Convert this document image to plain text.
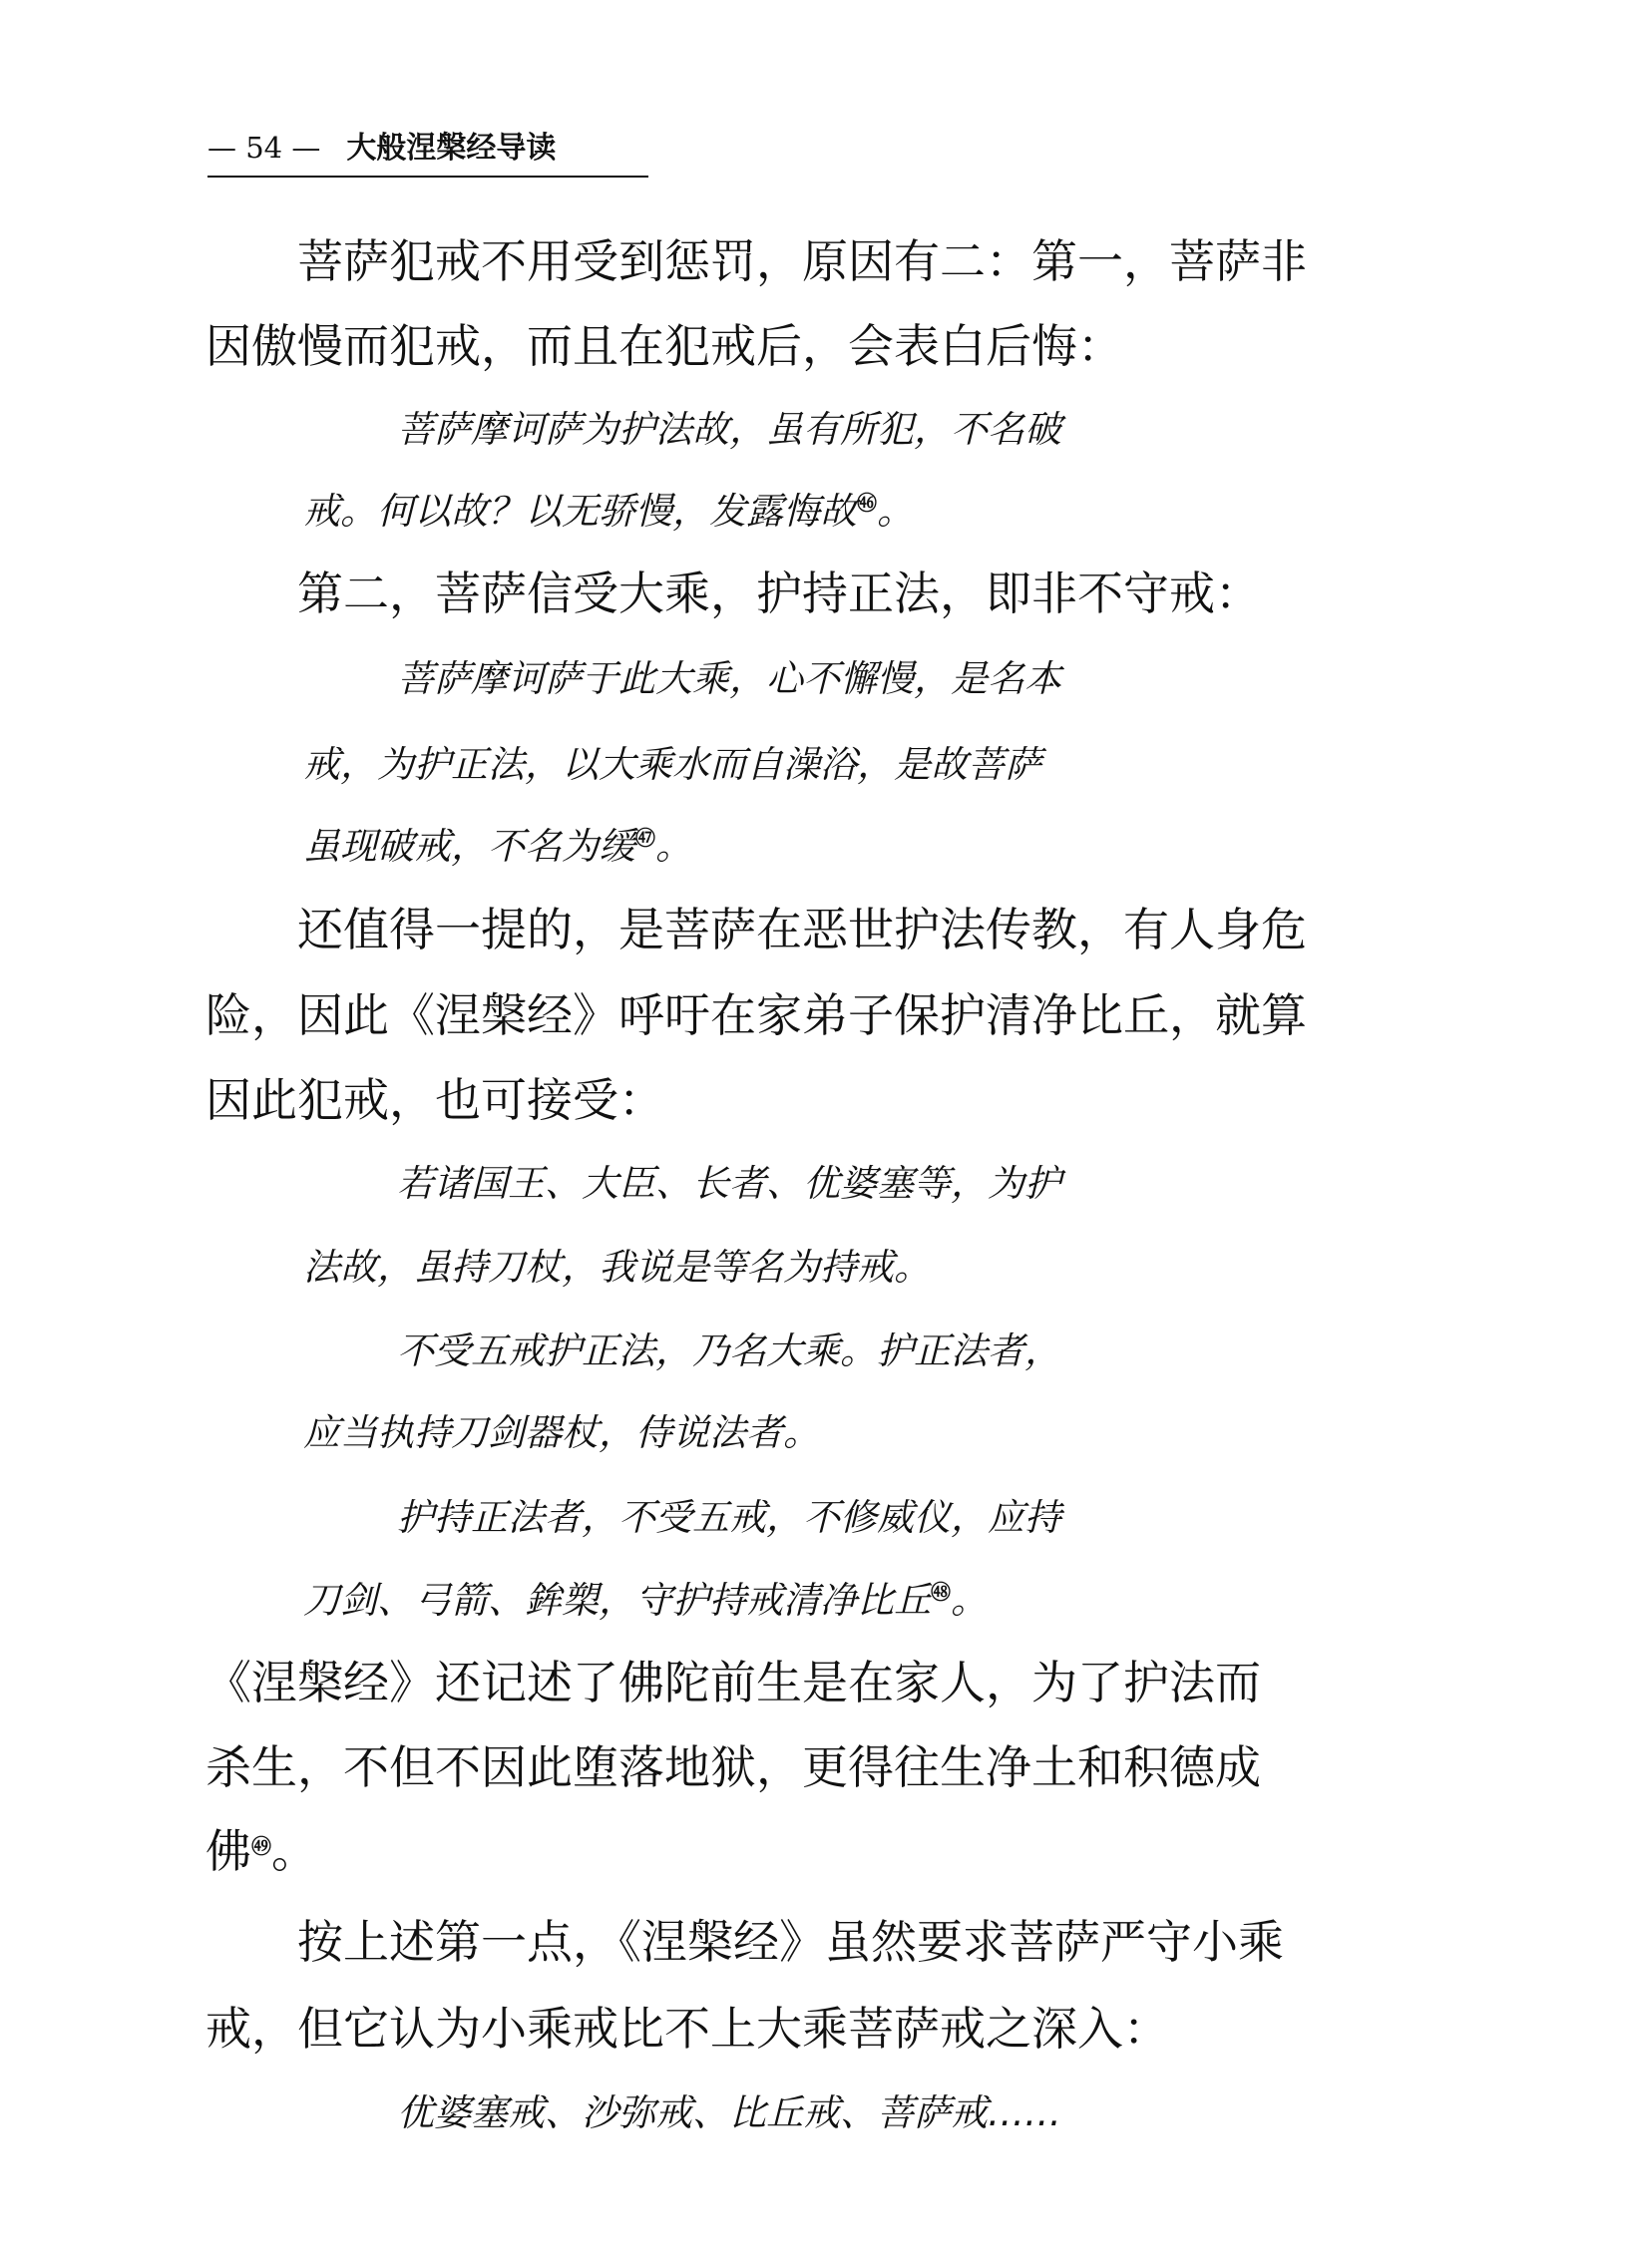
— 54 — 大般涅槃经导读
菩萨犯戒不用受到惩罚，原因有二：第一，菩萨非
因傲慢而犯戒，而且在犯戒后，会表白后悔：
菩萨摩诃萨为护法故，虽有所犯，不名破
戒。何以故？以无骄慢，发露悔故$^㊻$。
第二，菩萨信受大乘，护持正法，即非不守戒：
菩萨摩诃萨于此大乘，心不懈慢，是名本
戒，为护正法，以大乘水而自澡浴，是故菩萨
虽现破戒，不名为缓$^㊼$。
还值得一提的，是菩萨在恶世护法传教，有人身危
险，因此《涅槃经》呼吁在家弟子保护清净比丘，就算
因此犯戒，也可接受：
若诸国王、大臣、长者、优婆塞等，为护
法故，虽持刀杖，我说是等名为持戒。
不受五戒护正法，乃名大乘。护正法者，
应当执持刀剑器杖，侍说法者。
护持正法者，不受五戒，不修威仪，应持
刀剑、弓箭、鉾槊，守护持戒清净比丘$^㊽$。
《涅槃经》还记述了佛陀前生是在家人，为了护法而
杀生，不但不因此堕落地狱，更得往生净土和积德成
佛$^㊾$。
按上述第一点，《涅槃经》虽然要求菩萨严守小乘
戒，但它认为小乘戒比不上大乘菩萨戒之深入：
优婆塞戒、沙弥戒、比丘戒、菩萨戒……
